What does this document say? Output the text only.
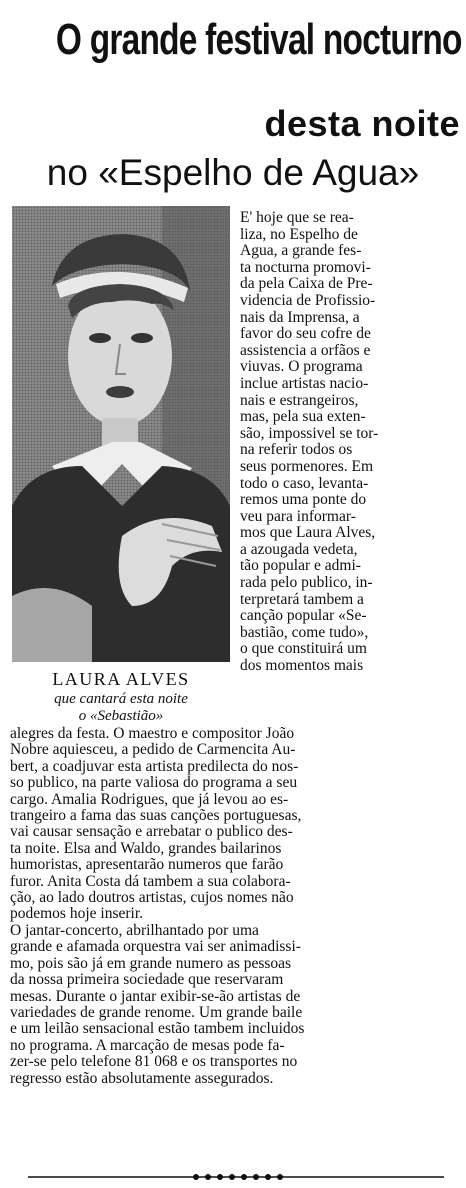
O grande festival nocturno
desta noite
no «Espelho de Agua»
LAURA ALVES
que cantará esta noite
o «Sebastião»
E' hoje que se rea-
liza, no Espelho de
Agua, a grande fes-
ta nocturna promovi-
da pela Caixa de Pre-
videncia de Profissio-
nais da Imprensa, a
favor do seu cofre de
assistencia a orfãos e
viuvas. O programa
inclue artistas nacio-
nais e estrangeiros,
mas, pela sua exten-
são, impossivel se tor-
na referir todos os
seus pormenores. Em
todo o caso, levanta-
remos uma ponte do
veu para informar-
mos que Laura Alves,
a azougada vedeta,
tão popular e admi-
rada pelo publico, in-
terpretará tambem a
canção popular «Se-
bastião, come tudo»,
o que constituirá um
dos momentos mais
alegres da festa. O maestro e compositor João
Nobre aquiesceu, a pedido de Carmencita Au-
bert, a coadjuvar esta artista predilecta do nos-
so publico, na parte valiosa do programa a seu
cargo. Amalia Rodrigues, que já levou ao es-
trangeiro a fama das suas canções portuguesas,
vai causar sensação e arrebatar o publico des-
ta noite. Elsa and Waldo, grandes bailarinos
humoristas, apresentarão numeros que farão
furor. Anita Costa dá tambem a sua colabora-
ção, ao lado doutros artistas, cujos nomes não
podemos hoje inserir.
O jantar-concerto, abrilhantado por uma
grande e afamada orquestra vai ser animadissi-
mo, pois são já em grande numero as pessoas
da nossa primeira sociedade que reservaram
mesas. Durante o jantar exibir-se-ão artistas de
variedades de grande renome. Um grande baile
e um leilão sensacional estão tambem incluidos
no programa. A marcação de mesas pode fa-
zer-se pelo telefone 81 068 e os transportes no
regresso estão absolutamente assegurados.
